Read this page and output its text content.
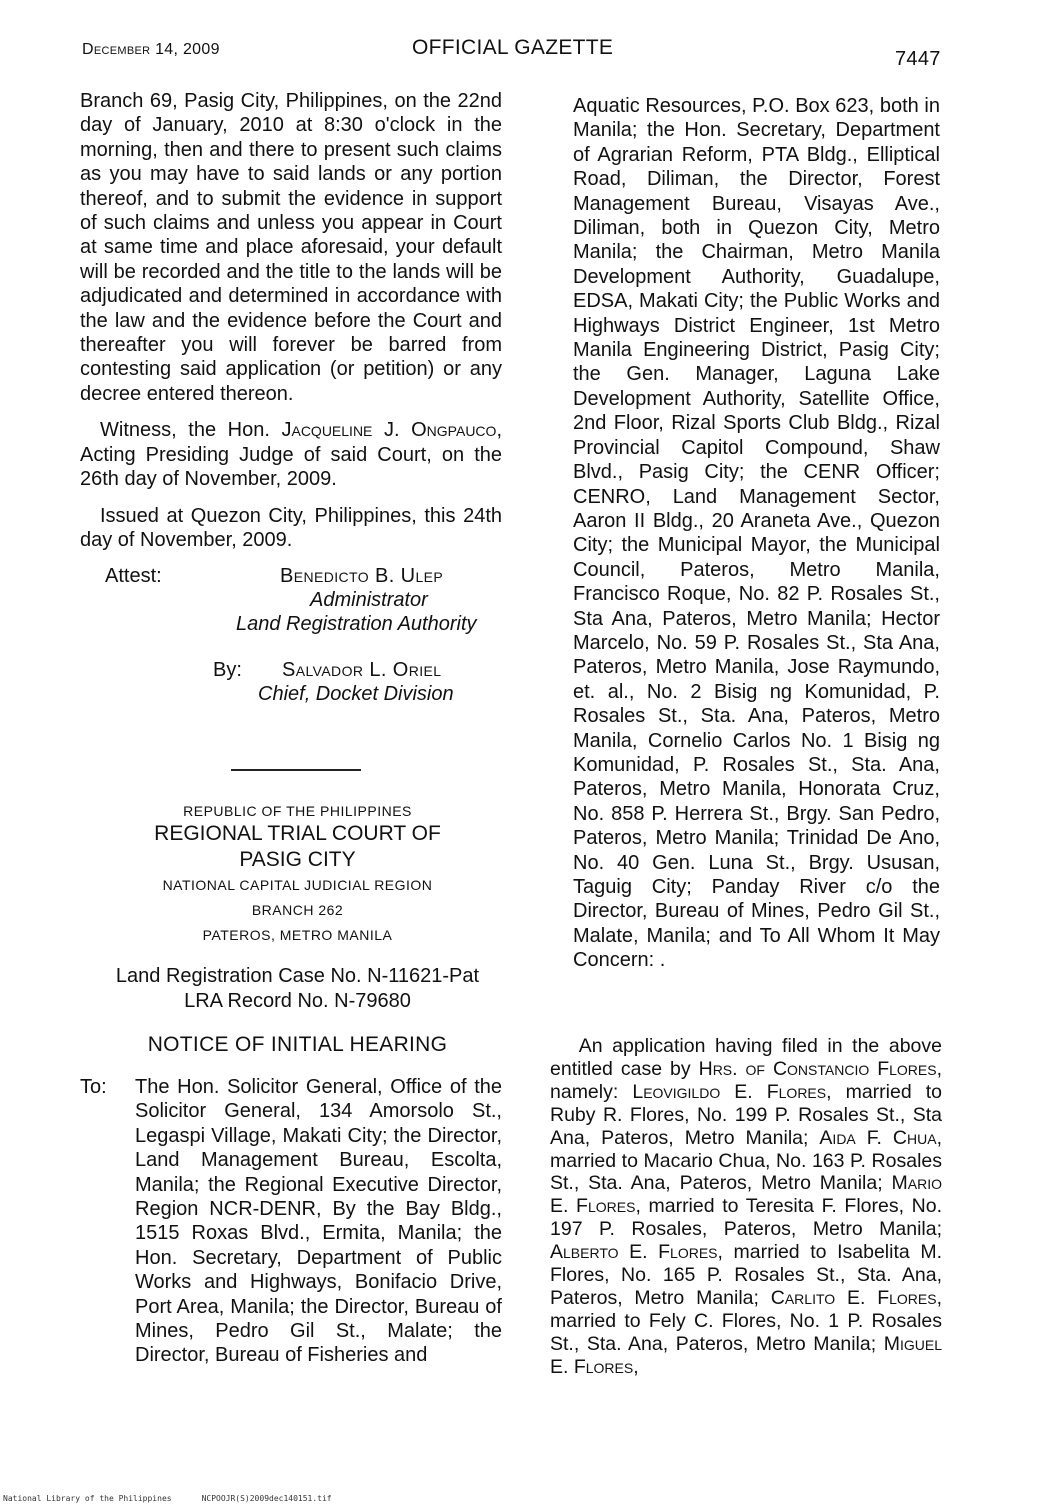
December 14, 2009	OFFICIAL GAZETTE	7447

Branch 69, Pasig City, Philippines, on the 22nd day of January, 2010 at 8:30 o'clock in the morning, then and there to present such claims as you may have to said lands or any portion thereof, and to submit the evidence in support of such claims and unless you appear in Court at same time and place aforesaid, your default will be recorded and the title to the lands will be adjudicated and determined in accordance with the law and the evidence before the Court and thereafter you will forever be barred from contesting said application (or petition) or any decree entered thereon.

Witness, the Hon. Jacqueline J. Ongpauco, Acting Presiding Judge of said Court, on the 26th day of November, 2009.

Issued at Quezon City, Philippines, this 24th day of November, 2009.

Attest:	Benedicto B. Ulep
Administrator
Land Registration Authority
By: Salvador L. Oriel
Chief, Docket Division
REPUBLIC OF THE PHILIPPINES
REGIONAL TRIAL COURT OF
PASIG CITY
NATIONAL CAPITAL JUDICIAL REGION
BRANCH 262
PATEROS, METRO MANILA
Land Registration Case No. N-11621-Pat
LRA Record No. N-79680
NOTICE OF INITIAL HEARING
To: The Hon. Solicitor General, Office of the Solicitor General, 134 Amorsolo St., Legaspi Village, Makati City; the Director, Land Management Bureau, Escolta, Manila; the Regional Executive Director, Region NCR-DENR, By the Bay Bldg., 1515 Roxas Blvd., Ermita, Manila; the Hon. Secretary, Department of Public Works and Highways, Bonifacio Drive, Port Area, Manila; the Director, Bureau of Mines, Pedro Gil St., Malate; the Director, Bureau of Fisheries and

Aquatic Resources, P.O. Box 623, both in Manila; the Hon. Secretary, Department of Agrarian Reform, PTA Bldg., Elliptical Road, Diliman, the Director, Forest Management Bureau, Visayas Ave., Diliman, both in Quezon City, Metro Manila; the Chairman, Metro Manila Development Authority, Guadalupe, EDSA, Makati City; the Public Works and Highways District Engineer, 1st Metro Manila Engineering District, Pasig City; the Gen. Manager, Laguna Lake Development Authority, Satellite Office, 2nd Floor, Rizal Sports Club Bldg., Rizal Provincial Capitol Compound, Shaw Blvd., Pasig City; the CENR Officer; CENRO, Land Management Sector, Aaron II Bldg., 20 Araneta Ave., Quezon City; the Municipal Mayor, the Municipal Council, Pateros, Metro Manila, Francisco Roque, No. 82 P. Rosales St., Sta Ana, Pateros, Metro Manila; Hector Marcelo, No. 59 P. Rosales St., Sta Ana, Pateros, Metro Manila, Jose Raymundo, et. al., No. 2 Bisig ng Komunidad, P. Rosales St., Sta. Ana, Pateros, Metro Manila, Cornelio Carlos No. 1 Bisig ng Komunidad, P. Rosales St., Sta. Ana, Pateros, Metro Manila, Honorata Cruz, No. 858 P. Herrera St., Brgy. San Pedro, Pateros, Metro Manila; Trinidad De Ano, No. 40 Gen. Luna St., Brgy. Ususan, Taguig City; Panday River c/o the Director, Bureau of Mines, Pedro Gil St., Malate, Manila; and To All Whom It May Concern: .

An application having filed in the above entitled case by Hrs. of Constancio Flores, namely: Leovigildo E. Flores, married to Ruby R. Flores, No. 199 P. Rosales St., Sta Ana, Pateros, Metro Manila; Aida F. Chua, married to Macario Chua, No. 163 P. Rosales St., Sta. Ana, Pateros, Metro Manila; Mario E. Flores, married to Teresita F. Flores, No. 197 P. Rosales, Pateros, Metro Manila; Alberto E. Flores, married to Isabelita M. Flores, No. 165 P. Rosales St., Sta. Ana, Pateros, Metro Manila; Carlito E. Flores, married to Fely C. Flores, No. 1 P. Rosales St., Sta. Ana, Pateros, Metro Manila; Miguel E. Flores,
National Library of the Philippines	NCPOOJR(S)2009dec140151.tif
